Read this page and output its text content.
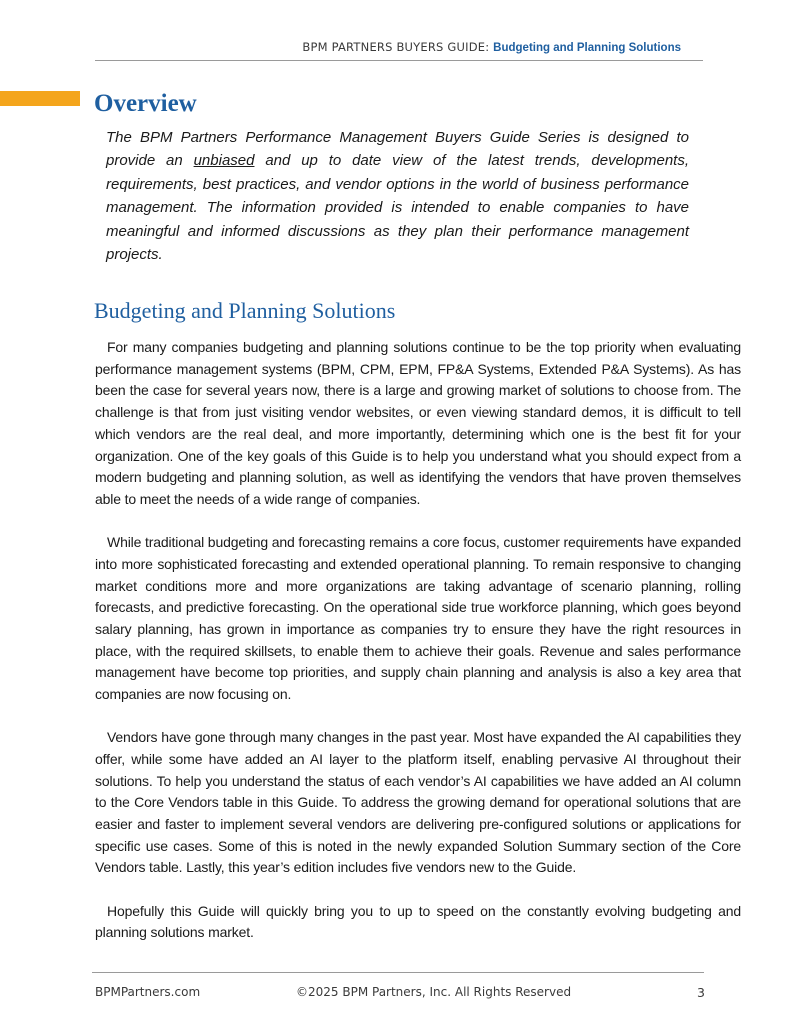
BPM PARTNERS BUYERS GUIDE: Budgeting and Planning Solutions
Overview

The BPM Partners Performance Management Buyers Guide Series is designed to provide an unbiased and up to date view of the latest trends, developments, requirements, best practices, and vendor options in the world of business performance management. The information provided is intended to enable companies to have meaningful and informed discussions as they plan their performance management projects.

Budgeting and Planning Solutions

For many companies budgeting and planning solutions continue to be the top priority when evaluating performance management systems (BPM, CPM, EPM, FP&A Systems, Extended P&A Systems). As has been the case for several years now, there is a large and growing market of solutions to choose from. The challenge is that from just visiting vendor websites, or even viewing standard demos, it is difficult to tell which vendors are the real deal, and more importantly, determining which one is the best fit for your organization. One of the key goals of this Guide is to help you understand what you should expect from a modern budgeting and planning solution, as well as identifying the vendors that have proven themselves able to meet the needs of a wide range of companies.

While traditional budgeting and forecasting remains a core focus, customer requirements have expanded into more sophisticated forecasting and extended operational planning. To remain responsive to changing market conditions more and more organizations are taking advantage of scenario planning, rolling forecasts, and predictive forecasting. On the operational side true workforce planning, which goes beyond salary planning, has grown in importance as companies try to ensure they have the right resources in place, with the required skillsets, to enable them to achieve their goals. Revenue and sales performance management have become top priorities, and supply chain planning and analysis is also a key area that companies are now focusing on.

Vendors have gone through many changes in the past year. Most have expanded the AI capabilities they offer, while some have added an AI layer to the platform itself, enabling pervasive AI throughout their solutions. To help you understand the status of each vendor’s AI capabilities we have added an AI column to the Core Vendors table in this Guide. To address the growing demand for operational solutions that are easier and faster to implement several vendors are delivering pre-configured solutions or applications for specific use cases. Some of this is noted in the newly expanded Solution Summary section of the Core Vendors table. Lastly, this year’s edition includes five vendors new to the Guide.

Hopefully this Guide will quickly bring you to up to speed on the constantly evolving budgeting and planning solutions market.

BPMPartners.com	©2025 BPM Partners, Inc. All Rights Reserved	3
